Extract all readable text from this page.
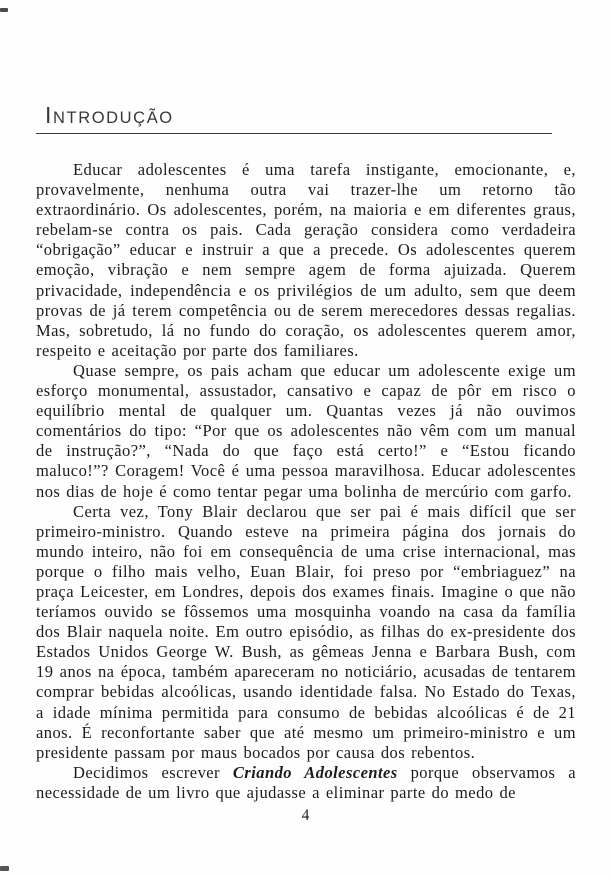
INTRODUÇÃO

Educar adolescentes é uma tarefa instigante, emocionante, e, provavelmente, nenhuma outra vai trazer-lhe um retorno tão extraordinário. Os adolescentes, porém, na maioria e em diferentes graus, rebelam-se contra os pais. Cada geração considera como verdadeira “obrigação” educar e instruir a que a precede. Os adolescentes querem emoção, vibração e nem sempre agem de forma ajuizada. Querem privacidade, independência e os privilégios de um adulto, sem que deem provas de já terem competência ou de serem merecedores dessas regalias. Mas, sobretudo, lá no fundo do coração, os adolescentes querem amor, respeito e aceitação por parte dos familiares.

Quase sempre, os pais acham que educar um adolescente exige um esforço monumental, assustador, cansativo e capaz de pôr em risco o equilíbrio mental de qualquer um. Quantas vezes já não ouvimos comentários do tipo: “Por que os adolescentes não vêm com um manual de instrução?”, “Nada do que faço está certo!” e “Estou ficando maluco!”? Coragem! Você é uma pessoa maravilhosa. Educar adolescentes nos dias de hoje é como tentar pegar uma bolinha de mercúrio com garfo.

Certa vez, Tony Blair declarou que ser pai é mais difícil que ser primeiro-ministro. Quando esteve na primeira página dos jornais do mundo inteiro, não foi em consequência de uma crise internacional, mas porque o filho mais velho, Euan Blair, foi preso por “embriaguez” na praça Leicester, em Londres, depois dos exames finais. Imagine o que não teríamos ouvido se fôssemos uma mosquinha voando na casa da família dos Blair naquela noite. Em outro episódio, as filhas do ex-presidente dos Estados Unidos George W. Bush, as gêmeas Jenna e Barbara Bush, com 19 anos na época, também apareceram no noticiário, acusadas de tentarem comprar bebidas alcoólicas, usando identidade falsa. No Estado do Texas, a idade mínima permitida para consumo de bebidas alcoólicas é de 21 anos. É reconfortante saber que até mesmo um primeiro-ministro e um presidente passam por maus bocados por causa dos rebentos.

Decidimos escrever Criando Adolescentes porque observamos a necessidade de um livro que ajudasse a eliminar parte do medo de

4
